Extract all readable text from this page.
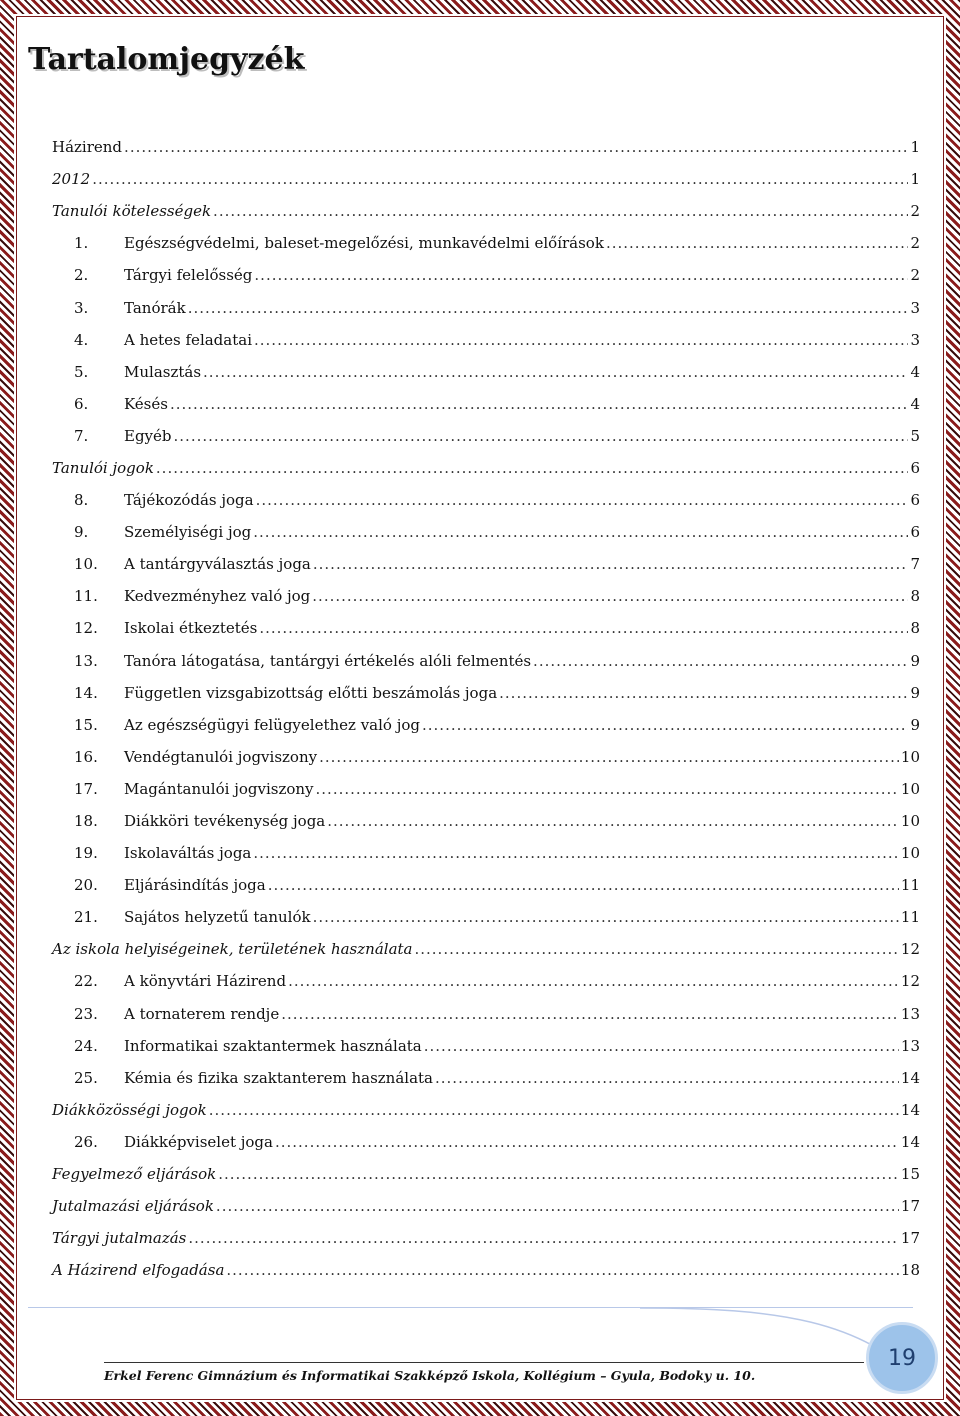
Tartalomjegyzék
Házirend .....	1
2012 .....	1
Tanulói kötelességek .....	2
1.	Egészségvédelmi, baleset-megelőzési, munkavédelmi előírások .....	2
2.	Tárgyi felelősség .....	2
3.	Tanórák .....	3
4.	A hetes feladatai .....	3
5.	Mulasztás .....	4
6.	Késés .....	4
7.	Egyéb .....	5
Tanulói jogok .....	6
8.	Tájékozódás joga .....	6
9.	Személyiségi jog .....	6
10.	A tantárgyválasztás joga .....	7
11.	Kedvezményhez való jog .....	8
12.	Iskolai étkeztetés .....	8
13.	Tanóra látogatása, tantárgyi értékelés alóli felmentés .....	9
14.	Független vizsgabizottság előtti beszámolás joga .....	9
15.	Az egészségügyi felügyelethez való jog .....	9
16.	Vendégtanulói jogviszony .....	10
17.	Magántanulói jogviszony .....	10
18.	Diákköri tevékenység joga .....	10
19.	Iskolaváltás joga .....	10
20.	Eljárásindítás joga .....	11
21.	Sajátos helyzetű tanulók .....	11
Az iskola helyiségeinek, területének használata .....	12
22.	A könyvtári Házirend .....	12
23.	A tornaterem rendje .....	13
24.	Informatikai szaktantermek használata .....	13
25.	Kémia és fizika szaktanterem használata .....	14
Diákközösségi jogok .....	14
26.	Diákképviselet joga .....	14
Fegyelmező eljárások .....	15
Jutalmazási eljárások .....	17
Tárgyi jutalmazás .....	17
A Házirend elfogadása .....	18
Erkel Ferenc Gimnázium és Informatikai Szakképző Iskola, Kollégium – Gyula, Bodoky u. 10.
19
